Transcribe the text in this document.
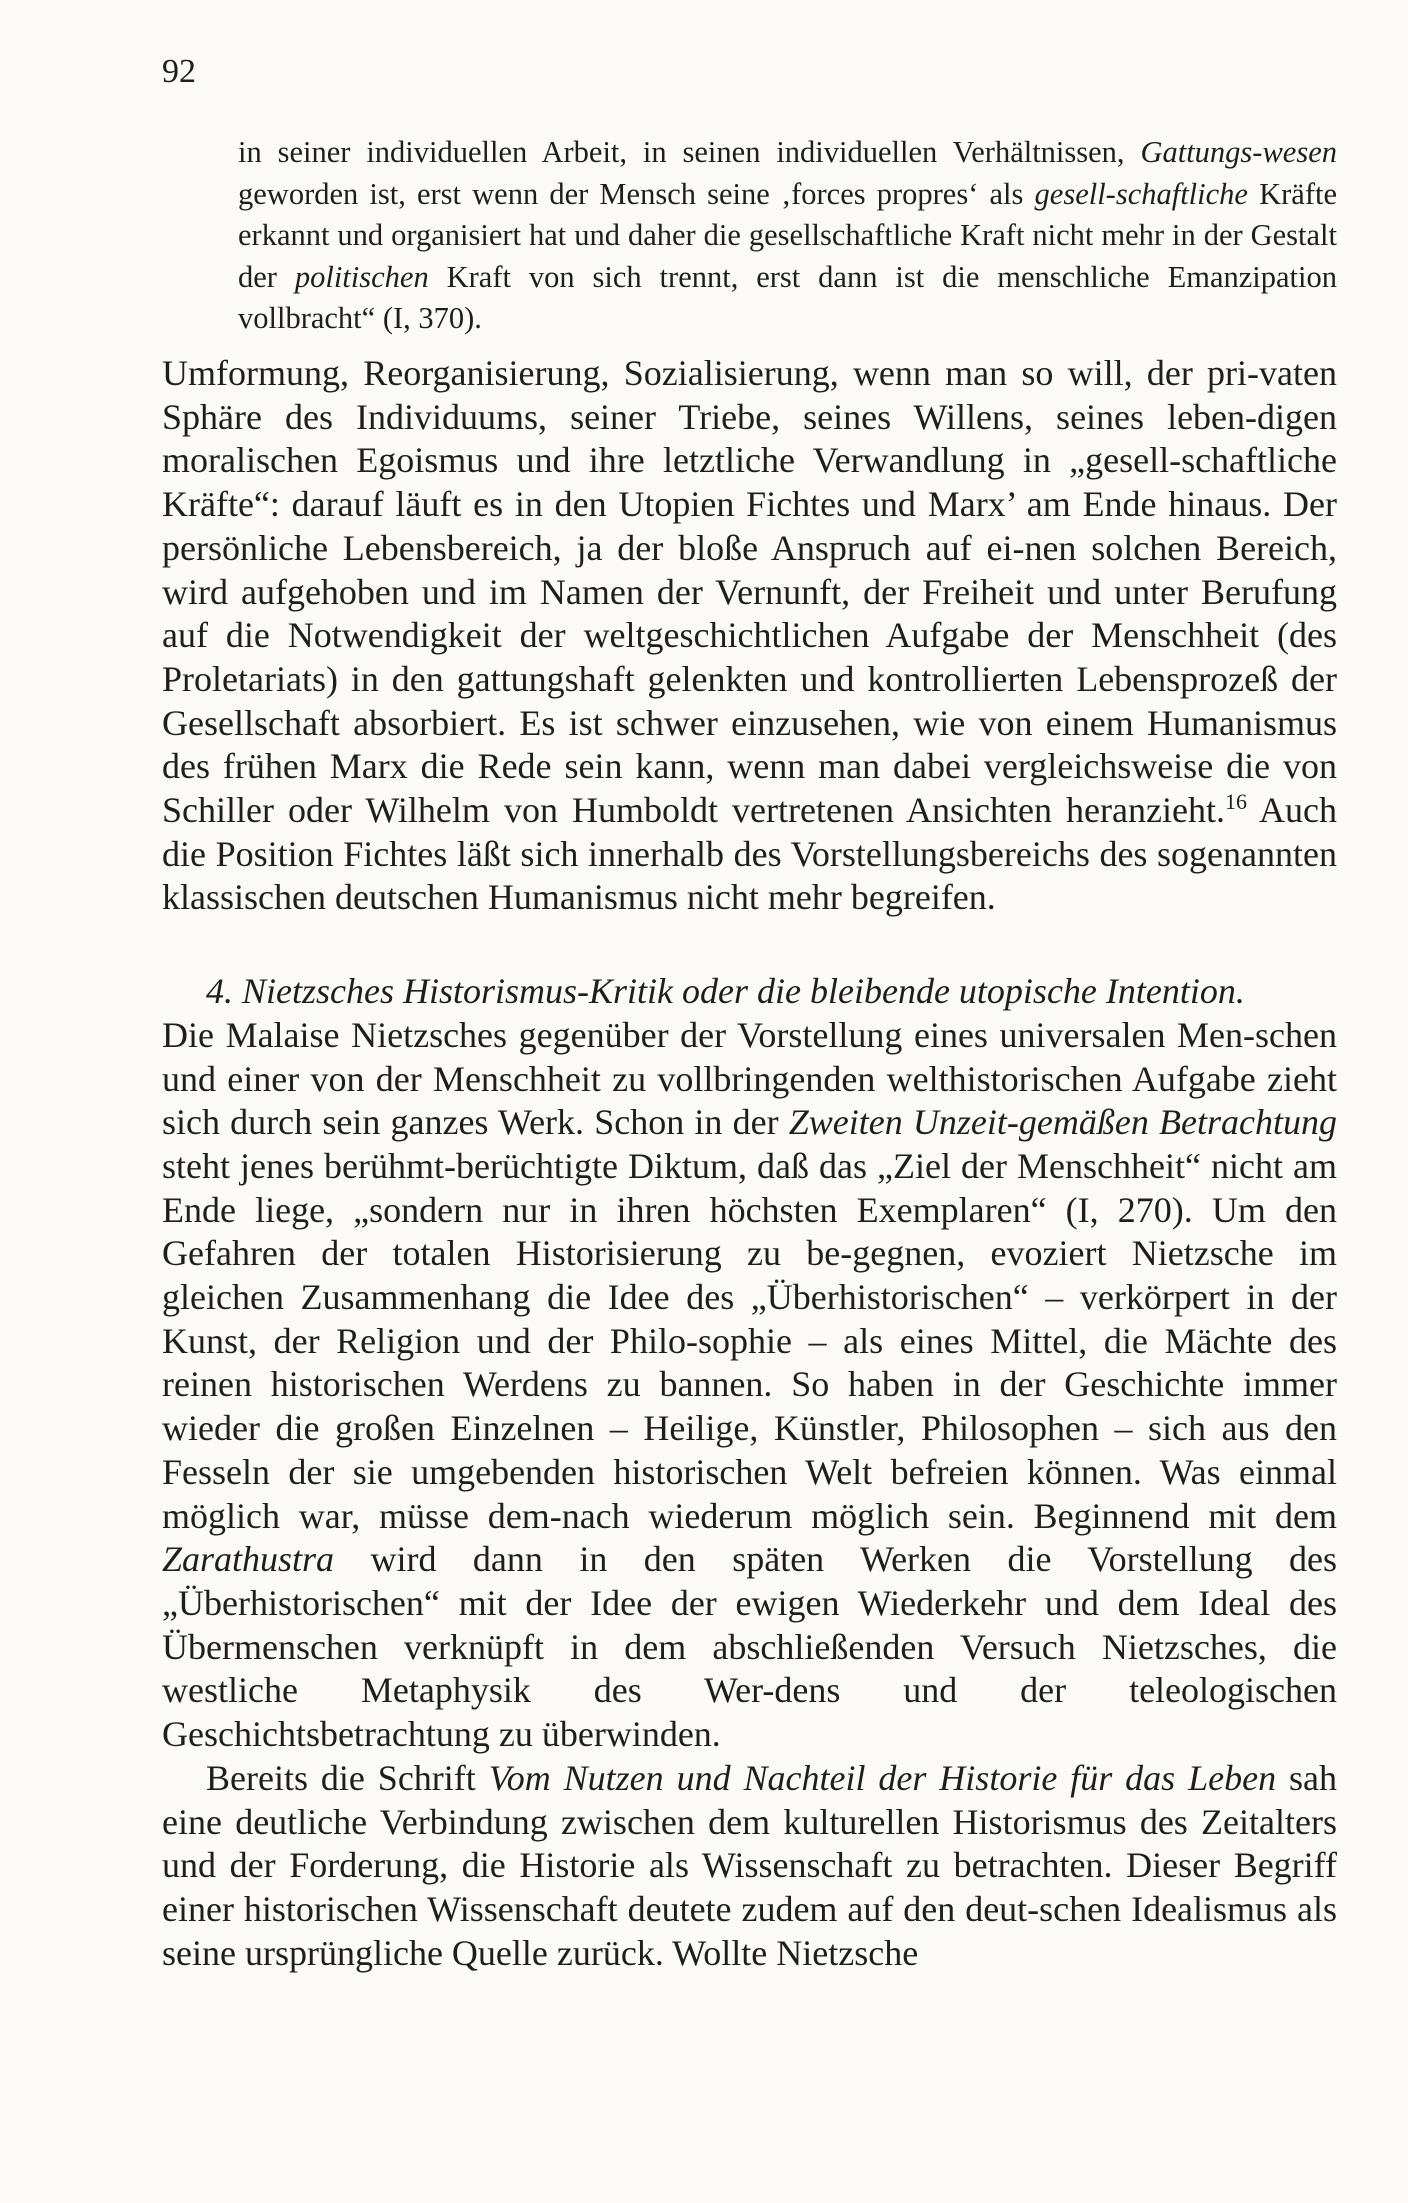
92
in seiner individuellen Arbeit, in seinen individuellen Verhältnissen, Gattungs-wesen geworden ist, erst wenn der Mensch seine ‚forces propres‘ als gesell-schaftliche Kräfte erkannt und organisiert hat und daher die gesellschaftliche Kraft nicht mehr in der Gestalt der politischen Kraft von sich trennt, erst dann ist die menschliche Emanzipation vollbracht“ (I, 370).

Umformung, Reorganisierung, Sozialisierung, wenn man so will, der pri-vaten Sphäre des Individuums, seiner Triebe, seines Willens, seines leben-digen moralischen Egoismus und ihre letztliche Verwandlung in „gesell-schaftliche Kräfte“: darauf läuft es in den Utopien Fichtes und Marx’ am Ende hinaus. Der persönliche Lebensbereich, ja der bloße Anspruch auf ei-nen solchen Bereich, wird aufgehoben und im Namen der Vernunft, der Freiheit und unter Berufung auf die Notwendigkeit der weltgeschichtlichen Aufgabe der Menschheit (des Proletariats) in den gattungshaft gelenkten und kontrollierten Lebensprozeß der Gesellschaft absorbiert. Es ist schwer einzusehen, wie von einem Humanismus des frühen Marx die Rede sein kann, wenn man dabei vergleichsweise die von Schiller oder Wilhelm von Humboldt vertretenen Ansichten heranzieht.$^{16}$ Auch die Position Fichtes läßt sich innerhalb des Vorstellungsbereichs des sogenannten klassischen deutschen Humanismus nicht mehr begreifen.

4. Nietzsches Historismus-Kritik oder die bleibende utopische Intention.
Die Malaise Nietzsches gegenüber der Vorstellung eines universalen Men-schen und einer von der Menschheit zu vollbringenden welthistorischen Aufgabe zieht sich durch sein ganzes Werk. Schon in der Zweiten Unzeit-gemäßen Betrachtung steht jenes berühmt-berüchtigte Diktum, daß das „Ziel der Menschheit“ nicht am Ende liege, „sondern nur in ihren höchsten Exemplaren“ (I, 270). Um den Gefahren der totalen Historisierung zu be-gegnen, evoziert Nietzsche im gleichen Zusammenhang die Idee des „Überhistorischen“ – verkörpert in der Kunst, der Religion und der Philo-sophie – als eines Mittel, die Mächte des reinen historischen Werdens zu bannen. So haben in der Geschichte immer wieder die großen Einzelnen – Heilige, Künstler, Philosophen – sich aus den Fesseln der sie umgebenden historischen Welt befreien können. Was einmal möglich war, müsse dem-nach wiederum möglich sein. Beginnend mit dem Zarathustra wird dann in den späten Werken die Vorstellung des „Überhistorischen“ mit der Idee der ewigen Wiederkehr und dem Ideal des Übermenschen verknüpft in dem abschließenden Versuch Nietzsches, die westliche Metaphysik des Wer-dens und der teleologischen Geschichtsbetrachtung zu überwinden.

Bereits die Schrift Vom Nutzen und Nachteil der Historie für das Leben sah eine deutliche Verbindung zwischen dem kulturellen Historismus des Zeitalters und der Forderung, die Historie als Wissenschaft zu betrachten. Dieser Begriff einer historischen Wissenschaft deutete zudem auf den deut-schen Idealismus als seine ursprüngliche Quelle zurück. Wollte Nietzsche
